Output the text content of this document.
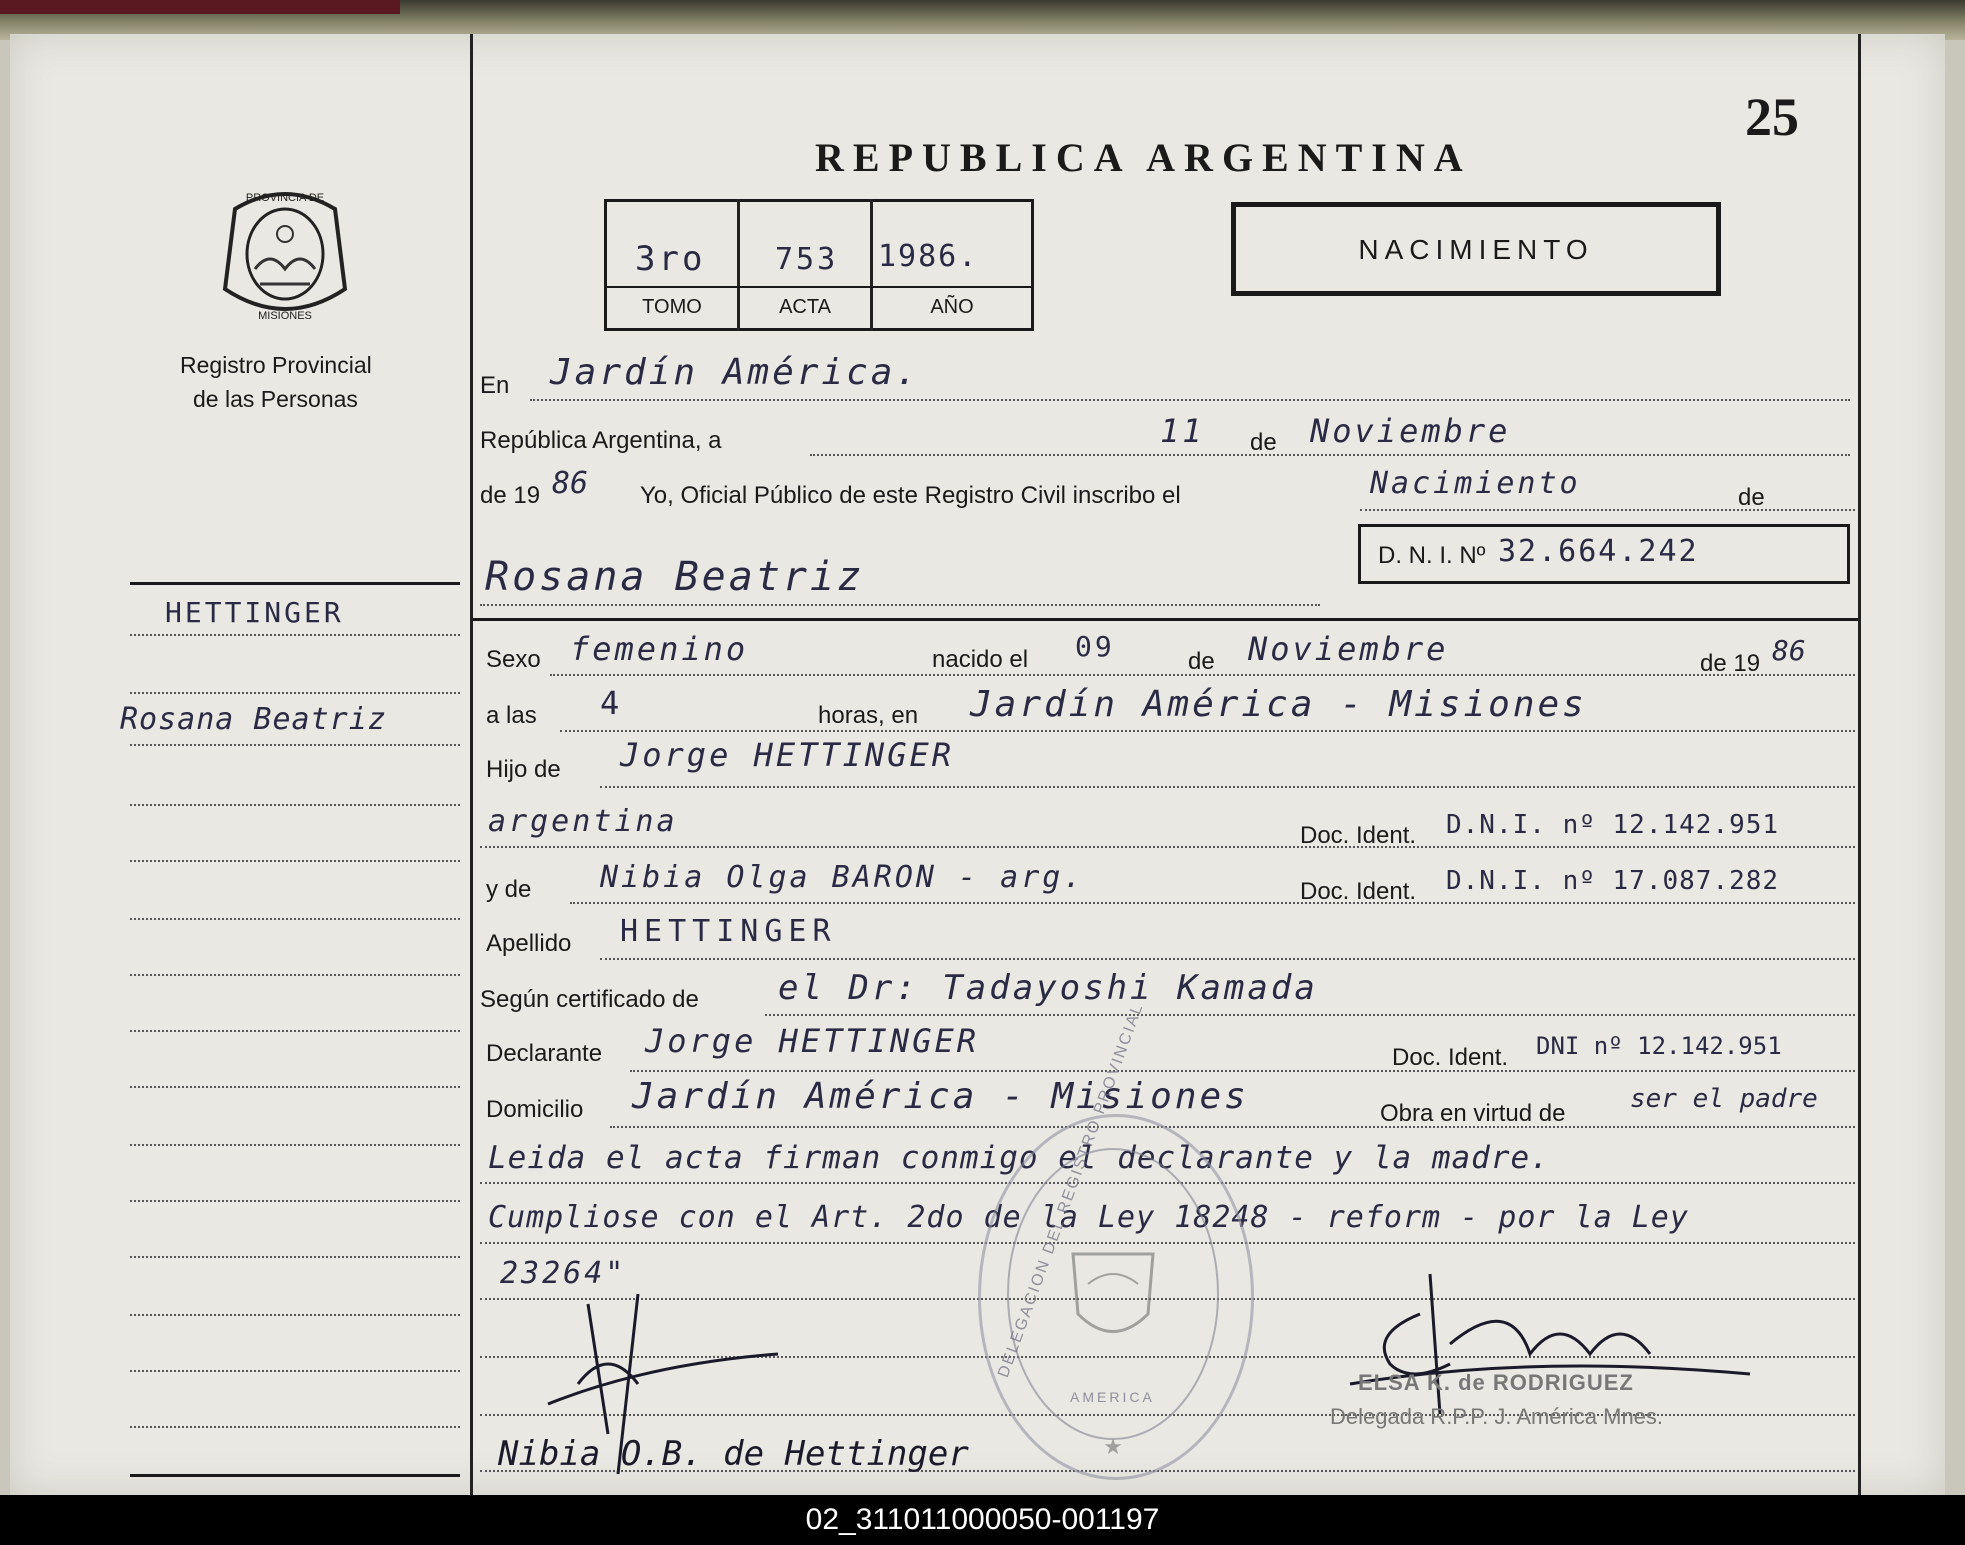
PROVINCIA DE
MISIONES
Registro Provincial
de las Personas
HETTINGER
Rosana Beatriz
25
REPUBLICA ARGENTINA
3ro 753 1986.
TOMO	ACTA	AÑO
NACIMIENTO
En Jardín América.
República Argentina, a	11 de Noviembre
de 19 86 Yo, Oficial Público de este Registro Civil inscribo el	Nacimiento	de
Rosana Beatriz	D. N. I. Nº 32.664.242
Sexo femenino	nacido el 09	de Noviembre	de 19 86
a las 4	horas, en Jardín América - Misiones
Hijo de Jorge HETTINGER
argentina	Doc. Ident. D.N.I. nº 12.142.951
y de Nibia Olga BARON - arg.	Doc. Ident. D.N.I. nº 17.087.282
Apellido HETTINGER
Según certificado de el Dr: Tadayoshi Kamada
Declarante Jorge HETTINGER	Doc. Ident. DNI nº 12.142.951
Domicilio Jardín América - Misiones	Obra en virtud de ser el padre
Leida el acta firman conmigo el declarante y la madre.
Cumpliose con el Art. 2do de la Ley 18248 - reform - por la Ley
23264"
★
DELEGACION DEL REGISTRO PROVINCIAL
AMERICA
Nibia O.B. de Hettinger
ELSA K. de RODRIGUEZ
Delegada R.P.P. J. América Mnes.
02_311011000050-001197
